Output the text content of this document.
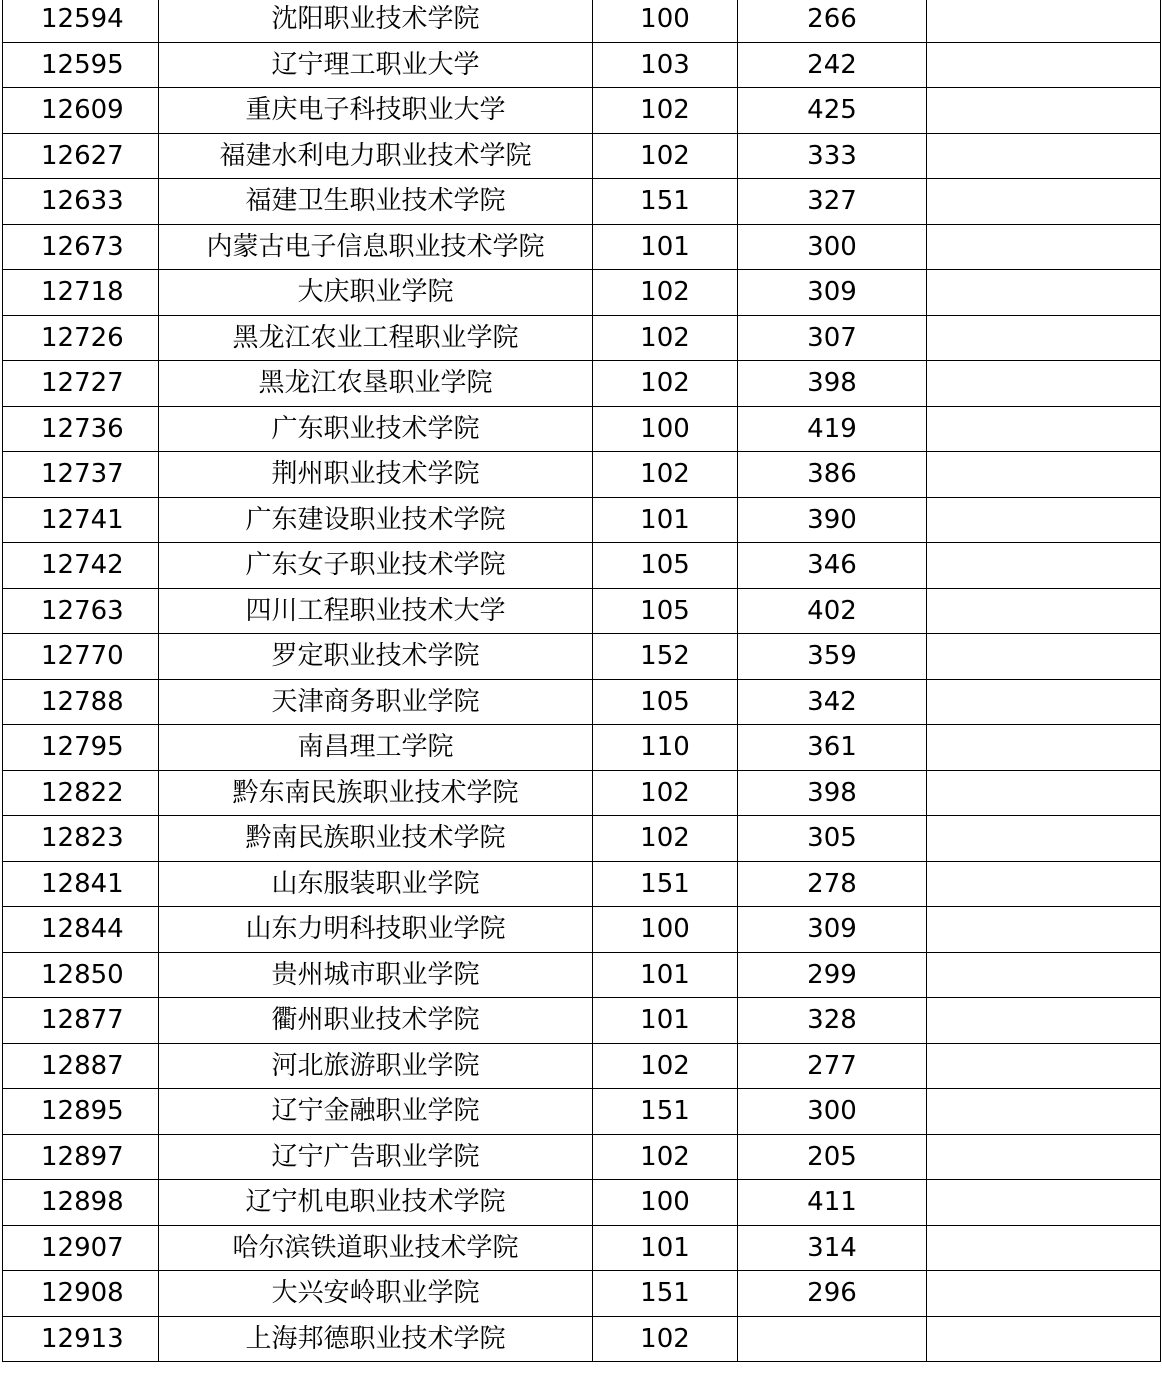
12594	沈阳职业技术学院	100	266	
12595	辽宁理工职业大学	103	242	
12609	重庆电子科技职业大学	102	425	
12627	福建水利电力职业技术学院	102	333	
12633	福建卫生职业技术学院	151	327	
12673	内蒙古电子信息职业技术学院	101	300	
12718	大庆职业学院	102	309	
12726	黑龙江农业工程职业学院	102	307	
12727	黑龙江农垦职业学院	102	398	
12736	广东职业技术学院	100	419	
12737	荆州职业技术学院	102	386	
12741	广东建设职业技术学院	101	390	
12742	广东女子职业技术学院	105	346	
12763	四川工程职业技术大学	105	402	
12770	罗定职业技术学院	152	359	
12788	天津商务职业学院	105	342	
12795	南昌理工学院	110	361	
12822	黔东南民族职业技术学院	102	398	
12823	黔南民族职业技术学院	102	305	
12841	山东服装职业学院	151	278	
12844	山东力明科技职业学院	100	309	
12850	贵州城市职业学院	101	299	
12877	衢州职业技术学院	101	328	
12887	河北旅游职业学院	102	277	
12895	辽宁金融职业学院	151	300	
12897	辽宁广告职业学院	102	205	
12898	辽宁机电职业技术学院	100	411	
12907	哈尔滨铁道职业技术学院	101	314	
12908	大兴安岭职业学院	151	296	
12913	上海邦德职业技术学院	102		
